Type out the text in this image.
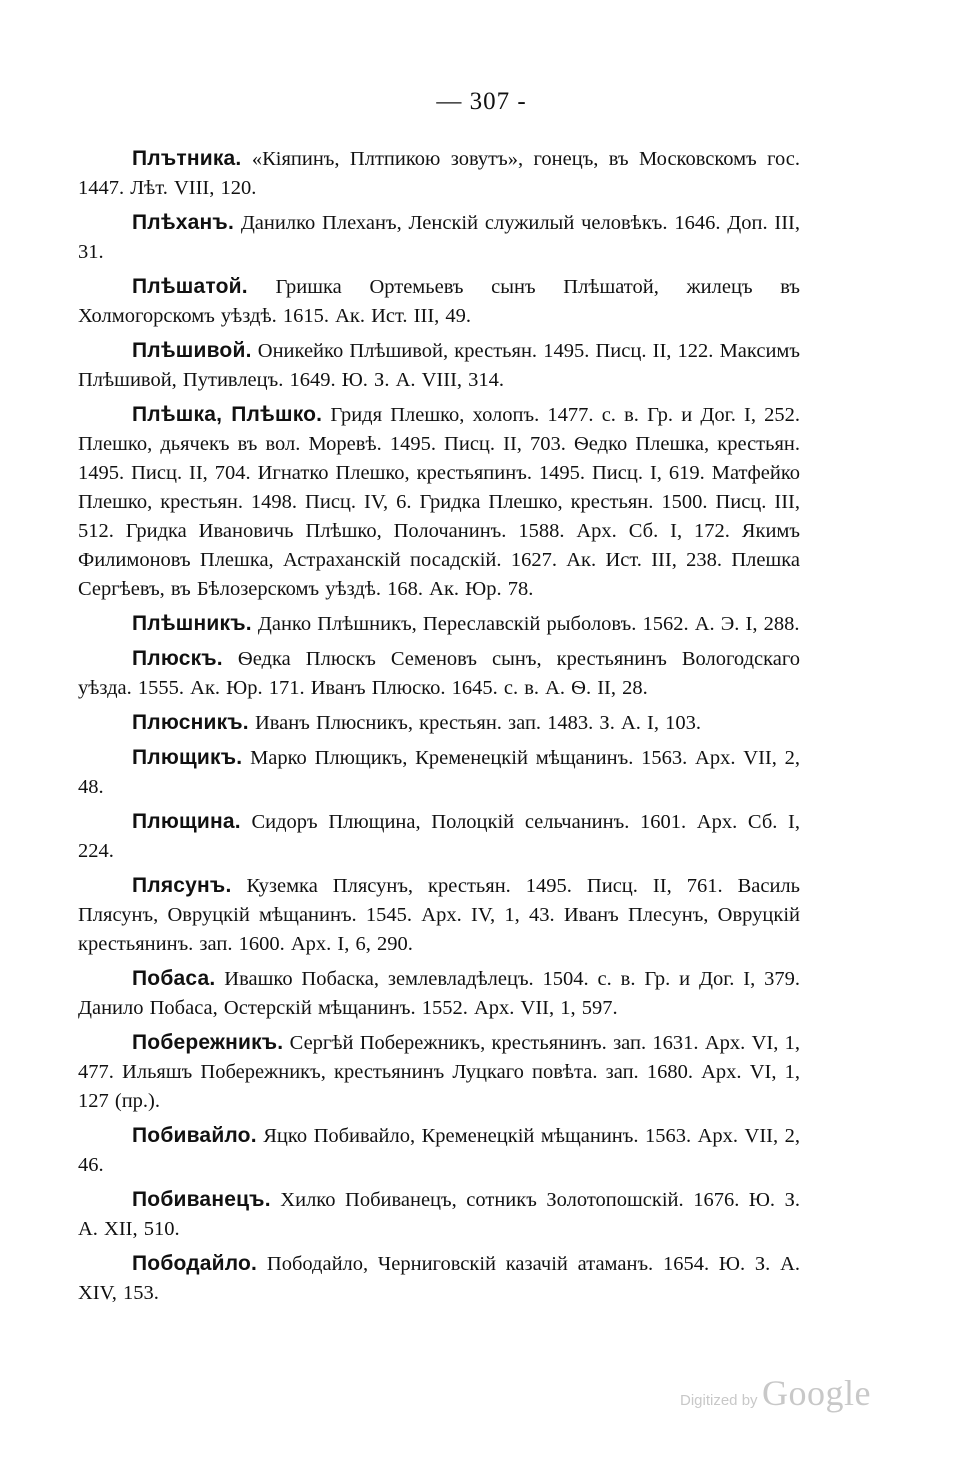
— 307 -

Плътника. «Кіяпинъ, Плтпикою зовутъ», гонецъ, въ Московскомъ гос. 1447. Лѣт. VIII, 120.

Плѣханъ. Данилко Плеханъ, Ленскій служилый человѣкъ. 1646. Доп. III, 31.

Плѣшатой. Гришка Ортемьевъ сынъ Плѣшатой, жилецъ въ Холмогорскомъ уѣздѣ. 1615. Ак. Ист. III, 49.

Плѣшивой. Оникейко Плѣшивой, крестьян. 1495. Писц. II, 122. Максимъ Плѣшивой, Путивлецъ. 1649. Ю. З. А. VIII, 314.

Плѣшка, Плѣшко. Гридя Плешко, холопъ. 1477. с. в. Гр. и Дог. I, 252. Плешко, дьячекъ въ вол. Моревѣ. 1495. Писц. II, 703. Ѳедко Плешка, крестьян. 1495. Писц. II, 704. Игнатко Плешко, крестьяпинъ. 1495. Писц. I, 619. Матфейко Плешко, крестьян. 1498. Писц. IV, 6. Гридка Плешко, крестьян. 1500. Писц. III, 512. Гридка Ивановичь Плѣшко, Полочанинъ. 1588. Арх. Сб. I, 172. Якимъ Филимоновъ Плешка, Астраханскій посадскій. 1627. Ак. Ист. III, 238. Плешка Сергѣевъ, въ Бѣлозерскомъ уѣздѣ. 168. Ак. Юр. 78.

Плѣшникъ. Данко Плѣшникъ, Переславскій рыболовъ. 1562. А. Э. I, 288.

Плюскъ. Ѳедка Плюскъ Семеновъ сынъ, крестьянинъ Вологодскаго уѣзда. 1555. Ак. Юр. 171. Иванъ Плюско. 1645. с. в. А. Ѳ. II, 28.

Плюсникъ. Иванъ Плюсникъ, крестьян. зап. 1483. З. А. I, 103.

Плющикъ. Марко Плющикъ, Кременецкій мѣщанинъ. 1563. Арх. VII, 2, 48.

Плющина. Сидоръ Плющина, Полоцкій сельчанинъ. 1601. Арх. Сб. I, 224.

Плясунъ. Куземка Плясунъ, крестьян. 1495. Писц. II, 761. Василь Плясунъ, Овруцкій мѣщанинъ. 1545. Арх. IV, 1, 43. Иванъ Плесунъ, Овруцкій крестьянинъ. зап. 1600. Арх. I, 6, 290.

Побаса. Ивашко Побаска, землевладѣлецъ. 1504. с. в. Гр. и Дог. I, 379. Данило Побаса, Остерскій мѣщанинъ. 1552. Арх. VII, 1, 597.

Побережникъ. Сергѣй Побережникъ, крестьянинъ. зап. 1631. Арх. VI, 1, 477. Ильяшъ Побережникъ, крестьянинъ Луцкаго повѣта. зап. 1680. Арх. VI, 1, 127 (пр.).

Побивайло. Яцко Побивайло, Кременецкій мѣщанинъ. 1563. Арх. VII, 2, 46.

Побиванецъ. Хилко Побиванецъ, сотникъ Золотопошскій. 1676. Ю. З. А. XII, 510.

Пободайло. Пободайло, Черниговскій казачій атаманъ. 1654. Ю. З. А. XIV, 153.

Digitized by Google
